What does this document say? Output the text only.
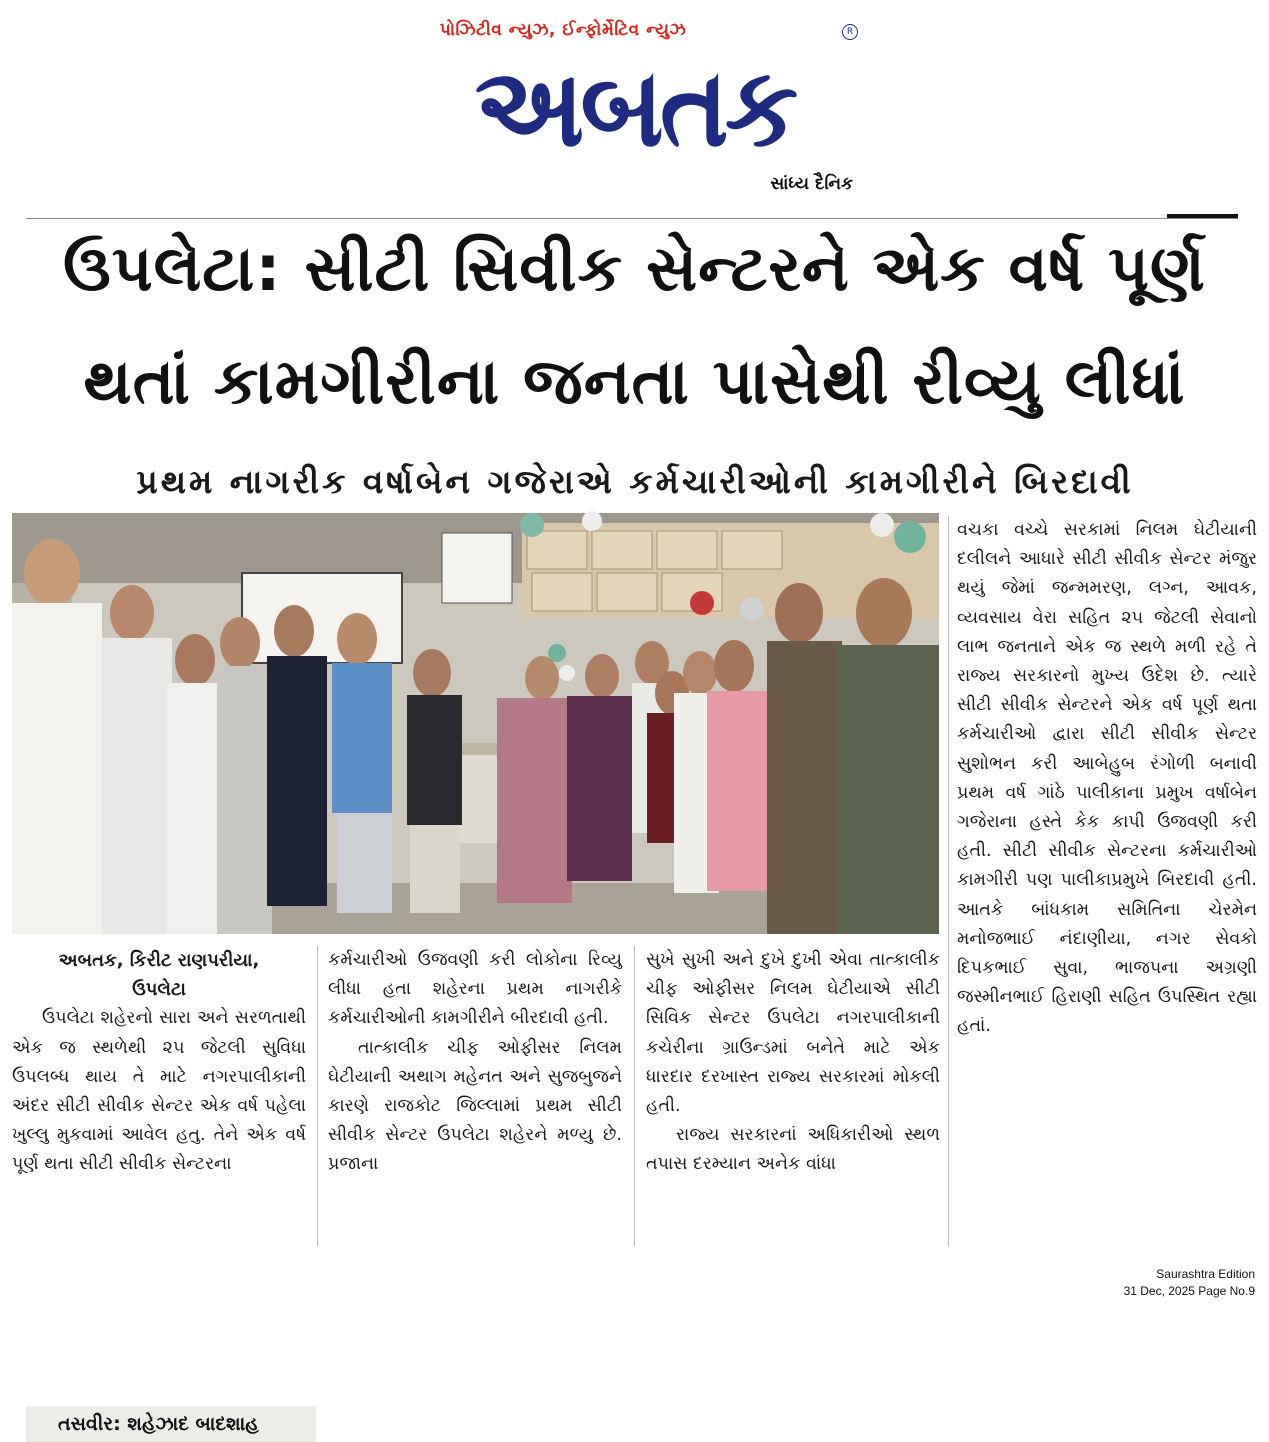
પોઝિટીવ ન્યુઝ, ઈન્ફોર્મેટિવ ન્યુઝ	R
અબતક
સાંધ્ય દૈનિક
ઉપલેટા: સીટી સિવીક સેન્ટરને એક વર્ષ પૂર્ણ
થતાં કામગીરીના જનતા પાસેથી રીવ્યુ લીધાં
પ્રથમ નાગરીક વર્ષાબેન ગજેરાએ કર્મચારીઓની કામગીરીને બિરદાવી
તસવીર: શહેઝાદ બાદશાહ

અબતક, કિરીટ રાણપરીયા,

ઉપલેટા

ઉપલેટા શહેરનો સારા અને સરળતાથી એક જ સ્થળેથી ૨૫ જેટલી સુવિધા ઉપલબ્ધ થાય તે માટે નગરપાલીકાની અંદર સીટી સીવીક સેન્ટર એક વર્ષ પહેલા ખુલ્લુ મુકવામાં આવેલ હતુ. તેને એક વર્ષ પૂર્ણ થતા સીટી સીવીક સેન્ટરના

કર્મચારીઓ ઉજવણી કરી લોકોના રિવ્યુ લીધા હતા શહેરના પ્રથમ નાગરીકે કર્મચારીઓની કામગીરીને બીરદાવી હતી.

તાત્કાલીક ચીફ ઓફીસર નિલમ ઘેટીયાની અથાગ મહેનત અને સુજબુજને કારણે રાજકોટ જિલ્લામાં પ્રથમ સીટી સીવીક સેન્ટર ઉપલેટા શહેરને મળ્યુ છે. પ્રજાના

સુખે સુખી અને દુખે દુખી એવા તાત્કાલીક ચીફ ઓફીસર નિલમ ઘેટીયાએ સીટી સિવિક સેન્ટર ઉપલેટા નગરપાલીકાની કચેરીના ગ્રાઉન્ડમાં બનેતે માટે એક ધારદાર દરખાસ્ત રાજ્ય સરકારમાં મોકલી હતી.

રાજ્ય સરકારનાં અધિકારીઓ સ્થળ તપાસ દરમ્યાન અનેક વાંધા

વચકા વચ્ચે સરકામાં નિલમ ઘેટીયાની દલીલને આધારે સીટી સીવીક સેન્ટર મંજુર થયું જેમાં જન્મમરણ, લગ્ન, આવક, વ્યવસાય વેરા સહિત ૨૫ જેટલી સેવાનો લાભ જનતાને એક જ સ્થળે મળી રહે તે રાજ્ય સરકારનો મુખ્ય ઉદેશ છે. ત્યારે સીટી સીવીક સેન્ટરને એક વર્ષ પૂર્ણ થતા કર્મચારીઓ દ્વારા સીટી સીવીક સેન્ટર સુશોભન કરી આબેહુબ રંગોળી બનાવી પ્રથમ વર્ષ ગાંઠે પાલીકાના પ્રમુખ વર્ષાબેન ગજેરાના હસ્તે કેક કાપી ઉજવણી કરી હતી. સીટી સીવીક સેન્ટરના કર્મચારીઓ કામગીરી પણ પાલીકાપ્રમુખે બિરદાવી હતી. આતકે બાંધકામ સમિતિના ચેરમેન મનોજભાઈ નંદાણીયા, નગર સેવકો દિપકભાઈ સુવા, ભાજપના અગ્રણી જસ્મીનભાઈ હિરાણી સહિત ઉપસ્થિત રહ્યા હતાં.

Saurashtra Edition
31 Dec, 2025 Page No.9
